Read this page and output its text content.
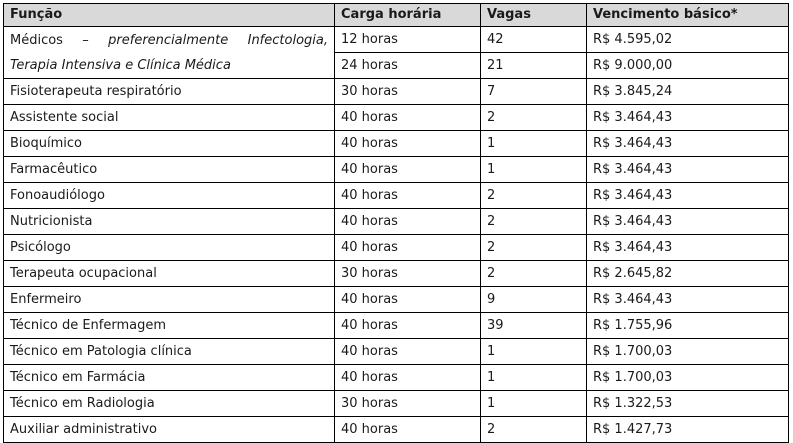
Função	Carga horária	Vagas	Vencimento básico*

Médicos – preferencialmente Infectologia,
Terapia Intensiva e Clínica Médica	12 horas	42	R$ 4.595,02
	24 horas	21	R$ 9.000,00
Fisioterapeuta respiratório	30 horas	7	R$ 3.845,24
Assistente social	40 horas	2	R$ 3.464,43
Bioquímico	40 horas	1	R$ 3.464,43
Farmacêutico	40 horas	1	R$ 3.464,43
Fonoaudiólogo	40 horas	2	R$ 3.464,43
Nutricionista	40 horas	2	R$ 3.464,43
Psicólogo	40 horas	2	R$ 3.464,43
Terapeuta ocupacional	30 horas	2	R$ 2.645,82
Enfermeiro	40 horas	9	R$ 3.464,43
Técnico de Enfermagem	40 horas	39	R$ 1.755,96
Técnico em Patologia clínica	40 horas	1	R$ 1.700,03
Técnico em Farmácia	40 horas	1	R$ 1.700,03
Técnico em Radiologia	30 horas	1	R$ 1.322,53
Auxiliar administrativo	40 horas	2	R$ 1.427,73
